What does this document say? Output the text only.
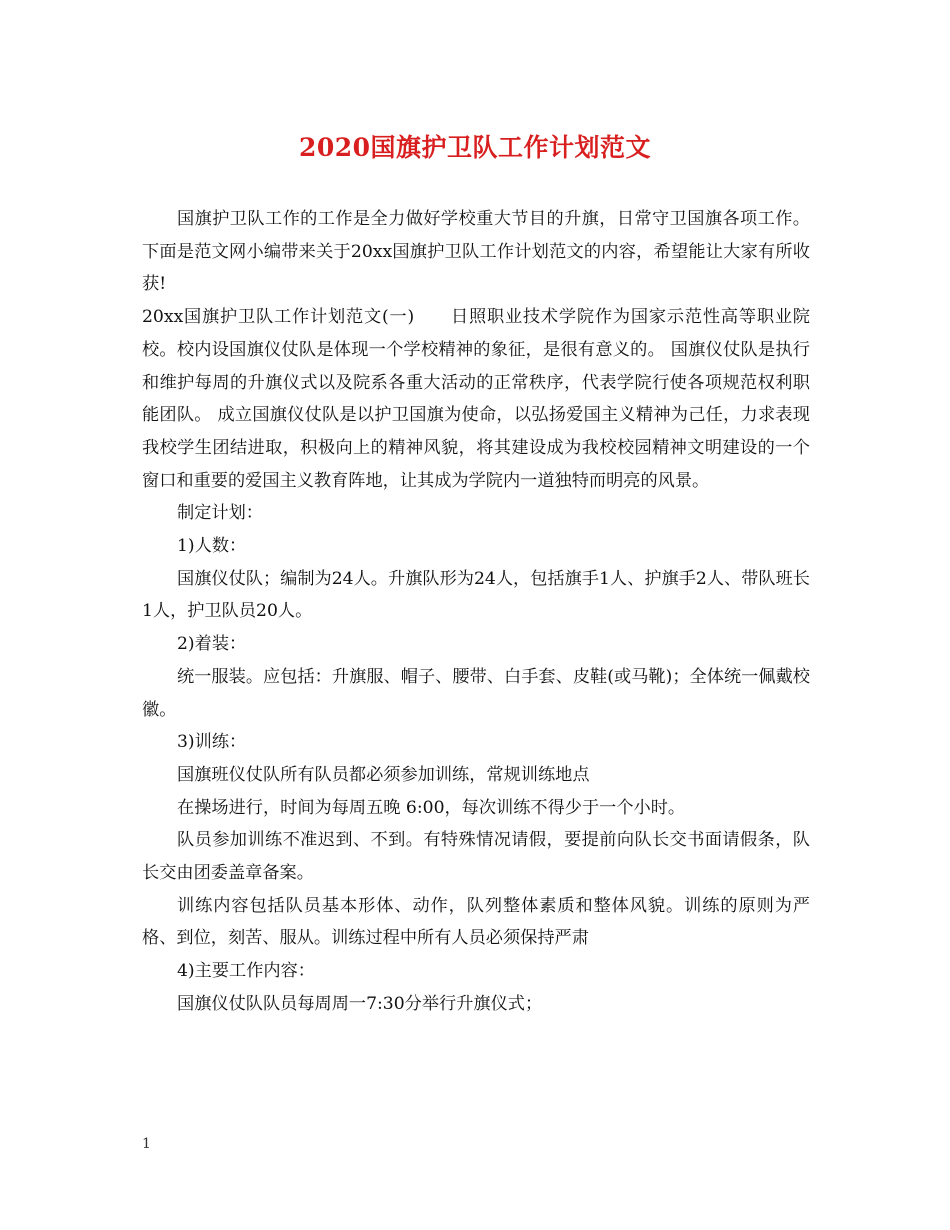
2020国旗护卫队工作计划范文

国旗护卫队工作的工作是全力做好学校重大节目的升旗，日常守卫国旗各项工作。下面是范文网小编带来关于20xx国旗护卫队工作计划范文的内容，希望能让大家有所收获!

20xx国旗护卫队工作计划范文(一)　　日照职业技术学院作为国家示范性高等职业院校。校内设国旗仪仗队是体现一个学校精神的象征，是很有意义的。 国旗仪仗队是执行和维护每周的升旗仪式以及院系各重大活动的正常秩序，代表学院行使各项规范权利职能团队。 成立国旗仪仗队是以护卫国旗为使命，以弘扬爱国主义精神为己任，力求表现我校学生团结进取，积极向上的精神风貌，将其建设成为我校校园精神文明建设的一个窗口和重要的爱国主义教育阵地，让其成为学院内一道独特而明亮的风景。

制定计划：

1)人数：

国旗仪仗队；编制为24人。升旗队形为24人，包括旗手1人、护旗手2人、带队班长1人，护卫队员20人。

2)着装：

统一服装。应包括：升旗服、帽子、腰带、白手套、皮鞋(或马靴)；全体统一佩戴校徽。

3)训练：

国旗班仪仗队所有队员都必须参加训练，常规训练地点

在操场进行，时间为每周五晚 6:00，每次训练不得少于一个小时。

队员参加训练不准迟到、不到。有特殊情况请假，要提前向队长交书面请假条，队长交由团委盖章备案。

训练内容包括队员基本形体、动作，队列整体素质和整体风貌。训练的原则为严格、到位，刻苦、服从。训练过程中所有人员必须保持严肃

4)主要工作内容：

国旗仪仗队队员每周周一7:30分举行升旗仪式；

1
